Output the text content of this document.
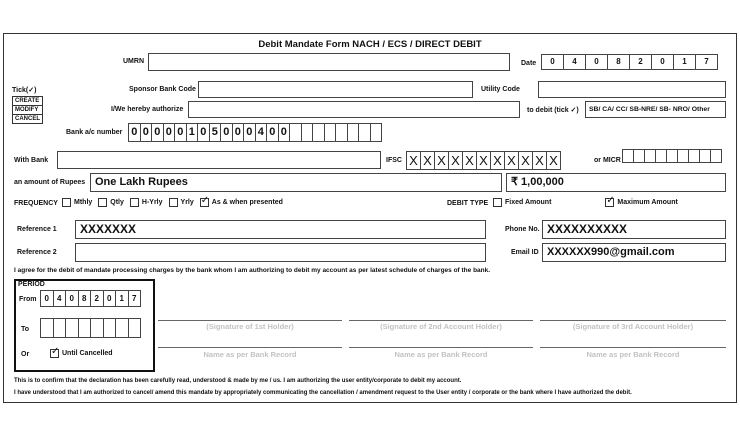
Debit Mandate Form NACH / ECS / DIRECT DEBIT
UMRN	Date	0	4	0	8	2	0	1	7
Tick(✓)
CREATE
MODIFY
CANCEL
Sponsor Bank Code	Utility Code
I/We hereby authorize	to debit (tick ✓)	SB/ CA/ CC/ SB-NRE/ SB- NRO/ Other
Bank a/c number 0 0 0 0 0 1 0 5 0 0 0 4 0 0
With Bank	IFSC X X X X X X X X X X X	or MICR
an amount of Rupees One Lakh Rupees	₹ 1,00,000
FREQUENCY Mthly	Qtly	H-Yrly	Yrly ✓	As & when presented	DEBIT TYPE Fixed Amount ✓	Maximum Amount
Reference 1	XXXXXXX	Phone No. XXXXXXXXXX
Reference 2	Email ID XXXXXX990@gmail.com
I agree for the debit of mandate processing charges by the bank whom I am authorizing to debit my account as per latest schedule of charges of the bank.
PERIOD
From	0	4	0	8	2	0	1	7
To
Or ✓	Until Cancelled
(Signature of 1st Holder)	(Signature of 2nd Account Holder)	(Signature of 3rd Account Holder)
Name as per Bank Record	Name as per Bank Record	Name as per Bank Record
This is to confirm that the declaration has been carefully read, understood & made by me / us. I am authorizing the user entity/corporate to debit my account.
I have understood that I am authorized to cancel/ amend this mandate by appropriately communicating the cancellation / amendment request to the User entity / corporate or the bank where I have authorized the debit.
